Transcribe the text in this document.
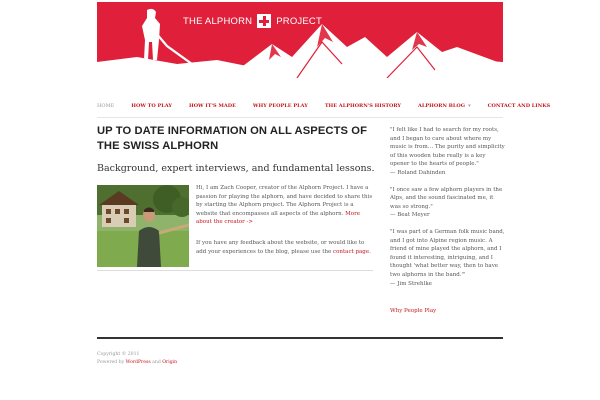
THE ALPHORN	PROJECT
HOME	HOW TO PLAY	HOW IT'S MADE	WHY PEOPLE PLAY	THE ALPHORN'S HISTORY	ALPHORN BLOG ▾	CONTACT AND LINKS
UP TO DATE INFORMATION ON ALL ASPECTS OF THE SWISS ALPHORN

Background, expert interviews, and fundamental lessons.

Hi, I am Zach Cooper, creator of the Alphorn Project. I have a passion for playing the alphorn, and have decided to share this by starting the Alphorn project. The Alphorn Project is a website that encompasses all aspects of the alphorn. More about the creator ->

If you have any feedback about the website, or would like to add your experiences to the blog, please use the contact page.

"I felt like I had to search for my roots, and I began to care about where my music is from… The purity and simplicity of this wooden tube really is a key opener to the hearts of people."
— Roland Dahinden

"I once saw a few alphorn players in the Alps, and the sound fascinated me, it was so strong."
— Beat Meyer

"I was part of a German folk music band, and I got into Alpine region music. A friend of mine played the alphorn, and I found it interesting, intriguing, and I thought 'what better way, then to have two alphorns in the band.'"
— Jim Strehlke

Why People Play
Copyright © 2011
Powered by WordPress and Origin
